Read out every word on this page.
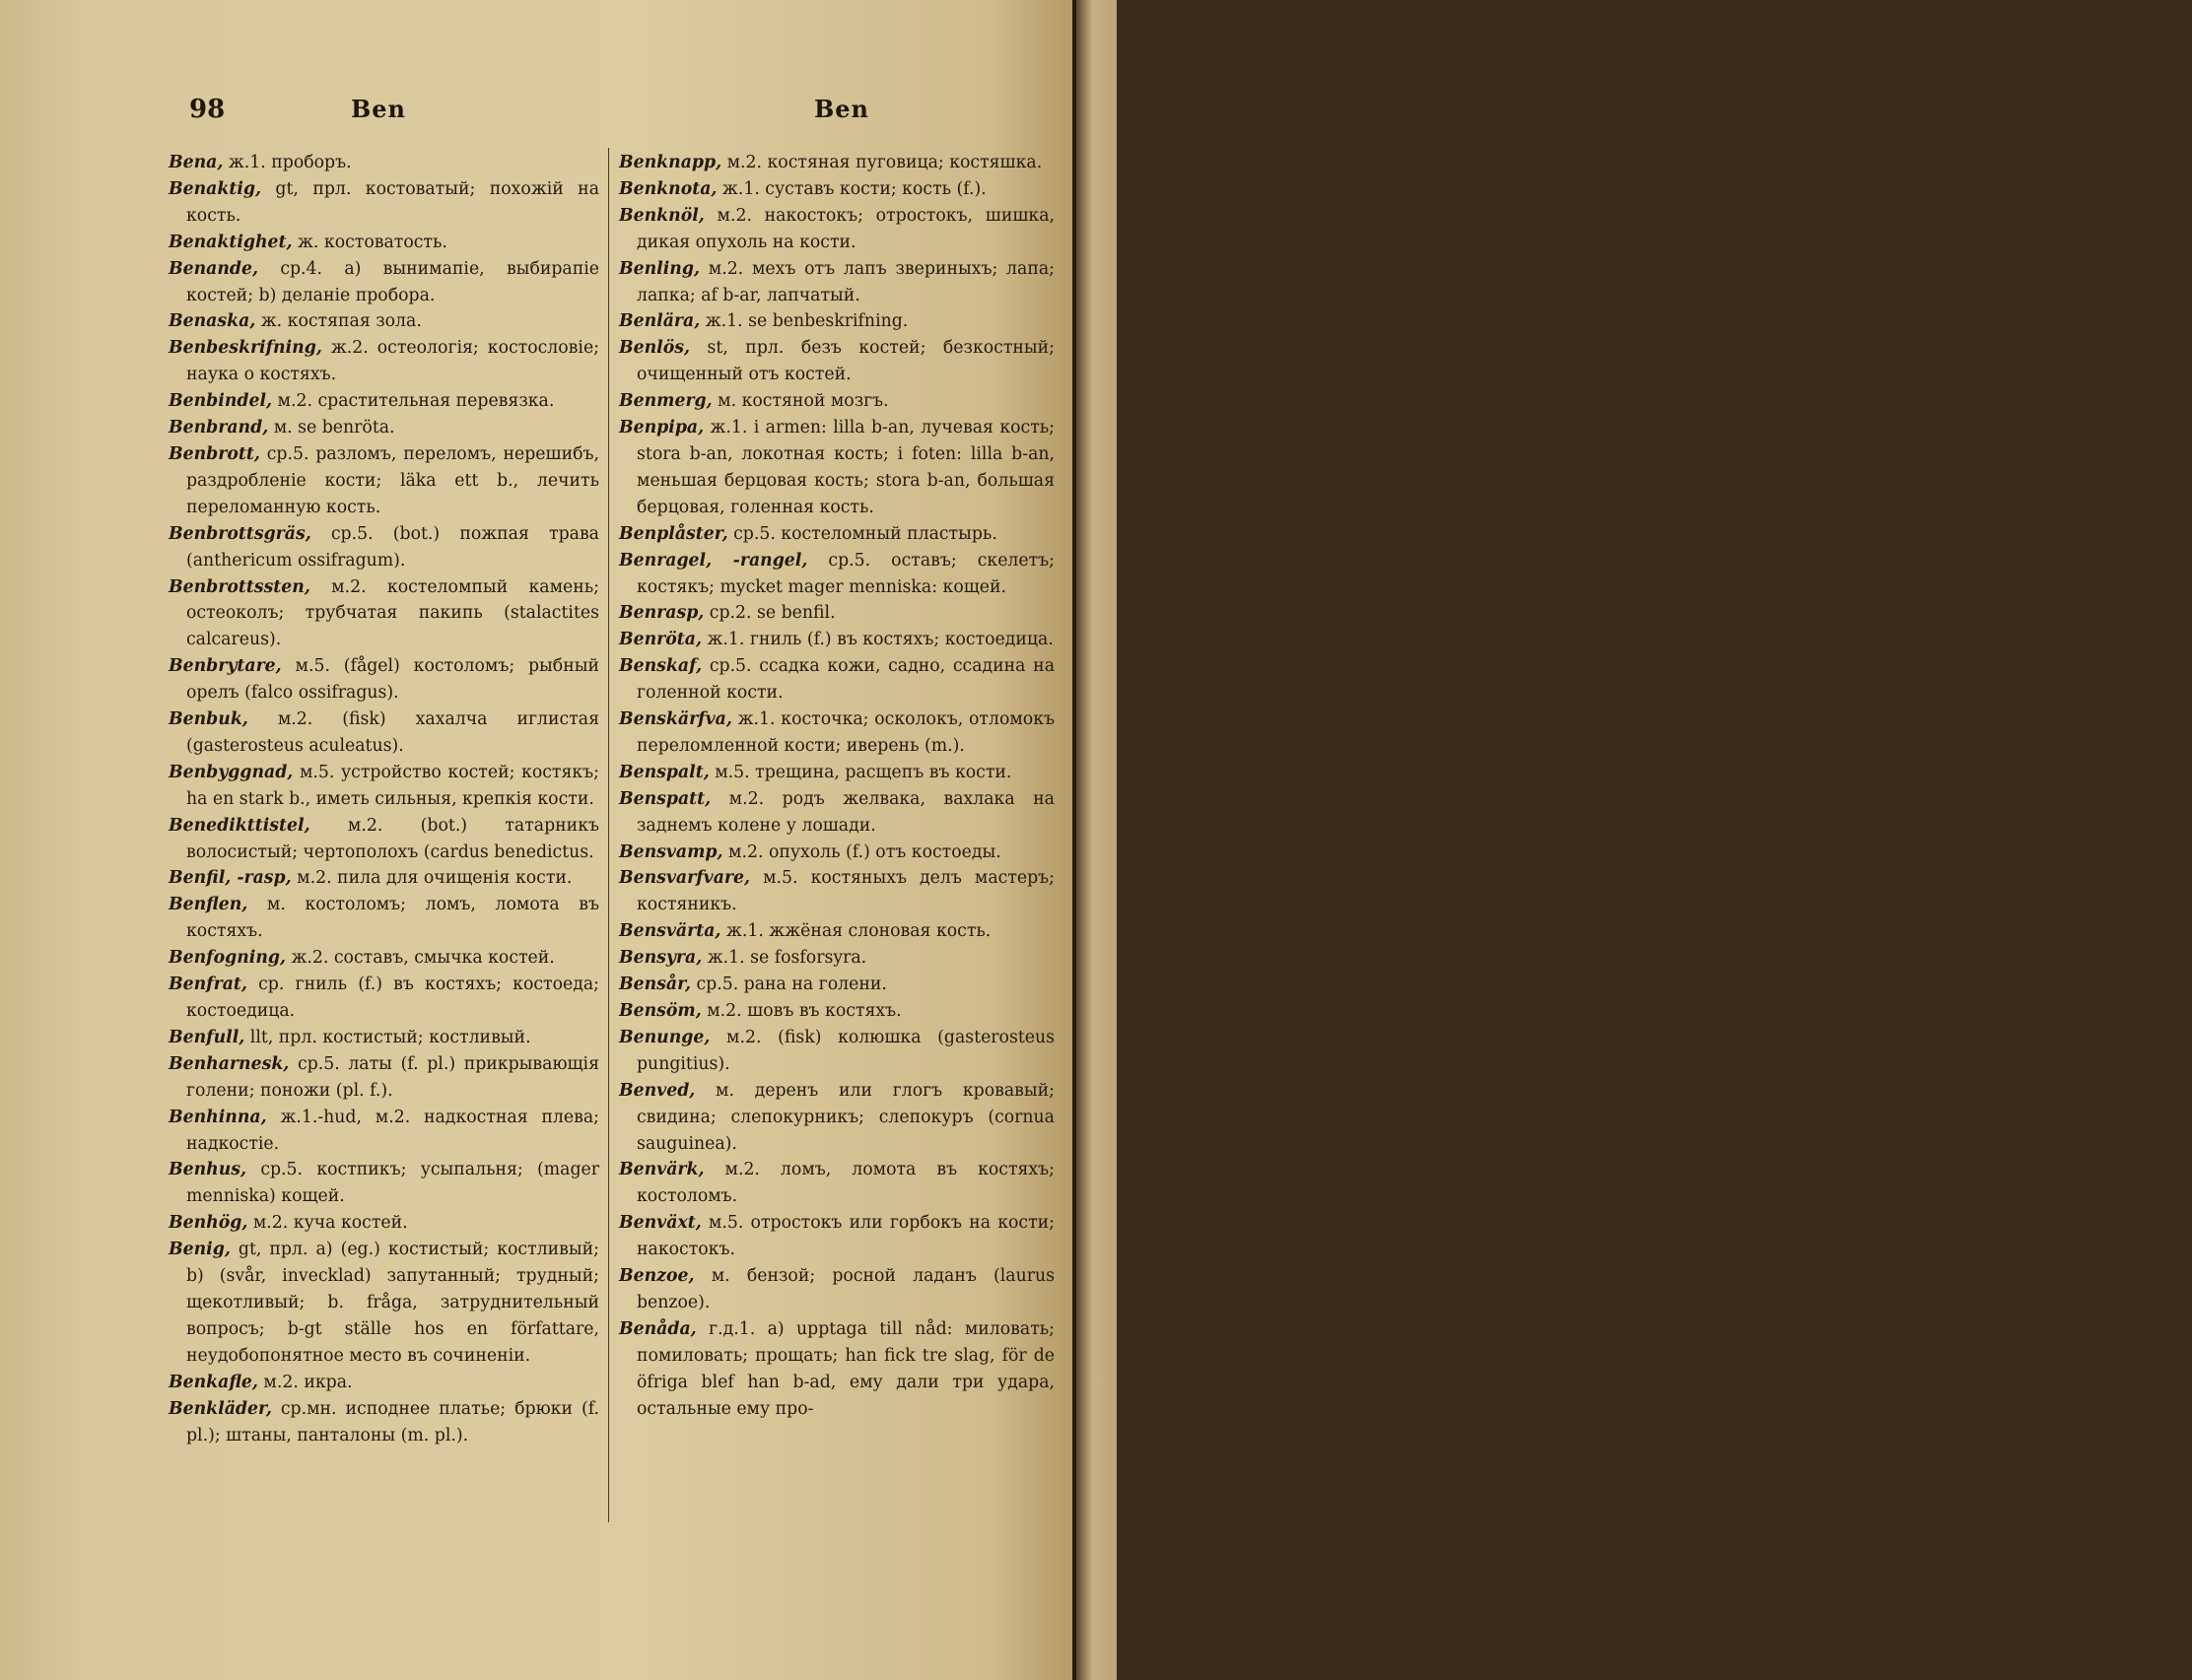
98	Ben	Ben

Bena, ж.1. проборъ.

Benaktig, gt, прл. костоватый; похожій на кость.

Benaktighet, ж. костоватость.

Benande, ср.4. а) вынимапіе, выбирапіе костей; b) деланіе пробора.

Benaska, ж. костяпая зола.

Benbeskrifning, ж.2. остеологія; костословіе; наука о костяхъ.

Benbindel, м.2. срастительная перевязка.

Benbrand, м. se benröta.

Benbrott, ср.5. разломъ, переломъ, нерешибъ, раздробленіе кости; läka ett b., лечить переломанную кость.

Benbrottsgräs, ср.5. (bot.) пожпая трава (anthericum ossifragum).

Benbrottssten, м.2. костеломпый камень; остеоколъ; трубчатая пакипь (stalactites calcareus).

Benbrytare, м.5. (fågel) костоломъ; рыбный орелъ (falco ossifragus).

Benbuk, м.2. (fisk) хахалча иглистая (gasterosteus aculeatus).

Benbyggnad, м.5. устройство костей; костякъ; ha en stark b., иметь сильныя, крепкія кости.

Benedikttistel, м.2. (bot.) татарникъ волосистый; чертополохъ (cardus benedictus.

Benfil, -rasp, м.2. пила для очищенія кости.

Benflen, м. костоломъ; ломъ, ломота въ костяхъ.

Benfogning, ж.2. составъ, смычка костей.

Benfrat, ср. гниль (f.) въ костяхъ; костоеда; костоедица.

Benfull, llt, прл. костистый; костливый.

Benharnesk, ср.5. латы (f. pl.) прикрывающія голени; поножи (pl. f.).

Benhinna, ж.1.-hud, м.2. надкостная плева; надкостіе.

Benhus, ср.5. костпикъ; усыпальня; (mager menniska) кощей.

Benhög, м.2. куча костей.

Benig, gt, прл. а) (eg.) костистый; костливый; b) (svår, invecklad) запутанный; трудный; щекотливый; b. fråga, затруднительный вопросъ; b-gt ställe hos en författare, неудобопонятное место въ сочиненіи.

Benkafle, м.2. икра.

Benkläder, ср.мн. исподнее платье; брюки (f. pl.); штаны, панталоны (m. pl.).

Benknapp, м.2. костяная пуговица; костяшка.

Benknota, ж.1. суставъ кости; кость (f.).

Benknöl, м.2. накостокъ; отростокъ, шишка, дикая опухоль на кости.

Benling, м.2. мехъ отъ лапъ звериныхъ; лапа; лапка; af b-ar, лапчатый.

Benlära, ж.1. se benbeskrifning.

Benlös, st, прл. безъ костей; безкостный; очищенный отъ костей.

Benmerg, м. костяной мозгъ.

Benpipa, ж.1. i armen: lilla b-an, лучевая кость; stora b-an, локотная кость; i foten: lilla b-an, меньшая берцовая кость; stora b-an, большая берцовая, голенная кость.

Benplåster, ср.5. костеломный пластырь.

Benragel, -rangel, ср.5. оставъ; скелетъ; костякъ; mycket mager menniska: кощей.

Benrasp, ср.2. se benfil.

Benröta, ж.1. гниль (f.) въ костяхъ; костоедица.

Benskaf, ср.5. ссадка кожи, садно, ссадина на голенной кости.

Benskärfva, ж.1. косточка; осколокъ, отломокъ переломленной кости; иверень (m.).

Benspalt, м.5. трещина, расщепъ въ кости.

Benspatt, м.2. родъ желвака, вахлака на заднемъ колене у лошади.

Bensvamp, м.2. опухоль (f.) отъ костоеды.

Bensvarfvare, м.5. костяныхъ делъ мастеръ; костяникъ.

Bensvärta, ж.1. жжёная слоновая кость.

Bensyra, ж.1. se fosforsyra.

Bensår, ср.5. рана на голени.

Bensöm, м.2. шовъ въ костяхъ.

Benunge, м.2. (fisk) колюшка (gasterosteus pungitius).

Benved, м. деренъ или глогъ кровавый; свидина; слепокурникъ; слепокуръ (cornua sauguinea).

Benvärk, м.2. ломъ, ломота въ костяхъ; костоломъ.

Benväxt, м.5. отростокъ или горбокъ на кости; накостокъ.

Benzoe, м. бензой; росной ладанъ (laurus benzoe).

Benåda, г.д.1. а) upptaga till nåd: миловать; помиловать; прощать; han fick tre slag, för de öfriga blef han b-ad, ему дали три удара, остальные ему про-

c
n
t
l
Ie
ti
b
la
ü
l
e
t
l
i
a
I
s
se
l
Be
Bu
b
sa
ir
b
B
B
bv
Bv
Bs
Bo
Be
Be
Be
Be
B
Be
